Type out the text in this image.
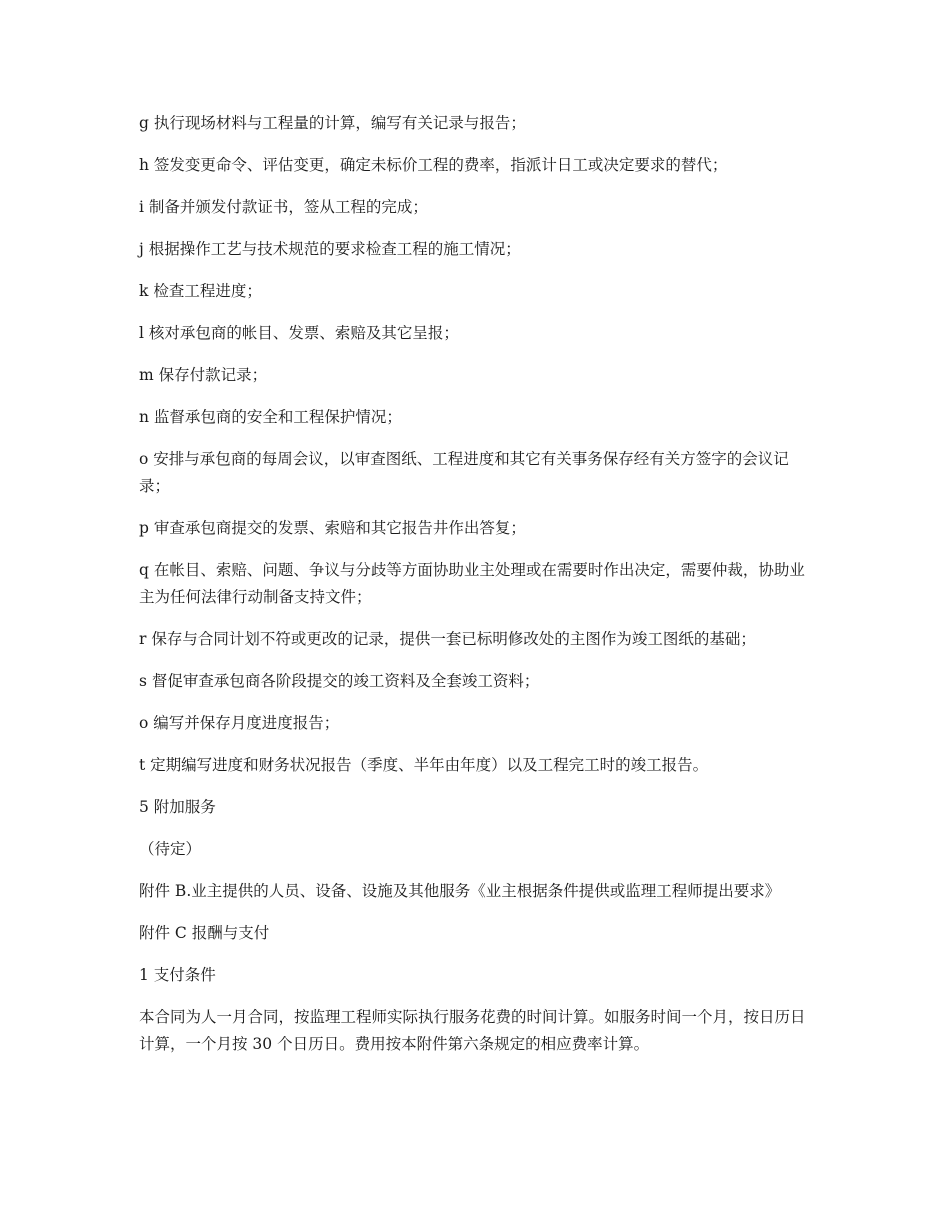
g 执行现场材料与工程量的计算，编写有关记录与报告；

h 签发变更命令、评估变更，确定未标价工程的费率，指派计日工或决定要求的替代；

i 制备并颁发付款证书，签从工程的完成；

j 根据操作工艺与技术规范的要求检查工程的施工情况；

k 检查工程进度；

l 核对承包商的帐目、发票、索赔及其它呈报；

m 保存付款记录；

n 监督承包商的安全和工程保护情况；

o 安排与承包商的每周会议，以审查图纸、工程进度和其它有关事务保存经有关方签字的会议记录；

p 审查承包商提交的发票、索赔和其它报告井作出答复；

q 在帐目、索赔、问题、争议与分歧等方面协助业主处理或在需要时作出决定，需要仲裁，协助业主为任何法律行动制备支持文件；

r 保存与合同计划不符或更改的记录，提供一套已标明修改处的主图作为竣工图纸的基础；

s 督促审查承包商各阶段提交的竣工资料及全套竣工资料；

o 编写并保存月度进度报告；

t 定期编写进度和财务状况报告（季度、半年由年度）以及工程完工时的竣工报告。

5 附加服务

（待定）

附件 B.业主提供的人员、设备、设施及其他服务《业主根据条件提供或监理工程师提出要求》

附件 C 报酬与支付

1 支付条件

本合同为人一月合同，按监理工程师实际执行服务花费的时间计算。如服务时间一个月，按日历日计算，一个月按 30 个日历日。费用按本附件第六条规定的相应费率计算。
